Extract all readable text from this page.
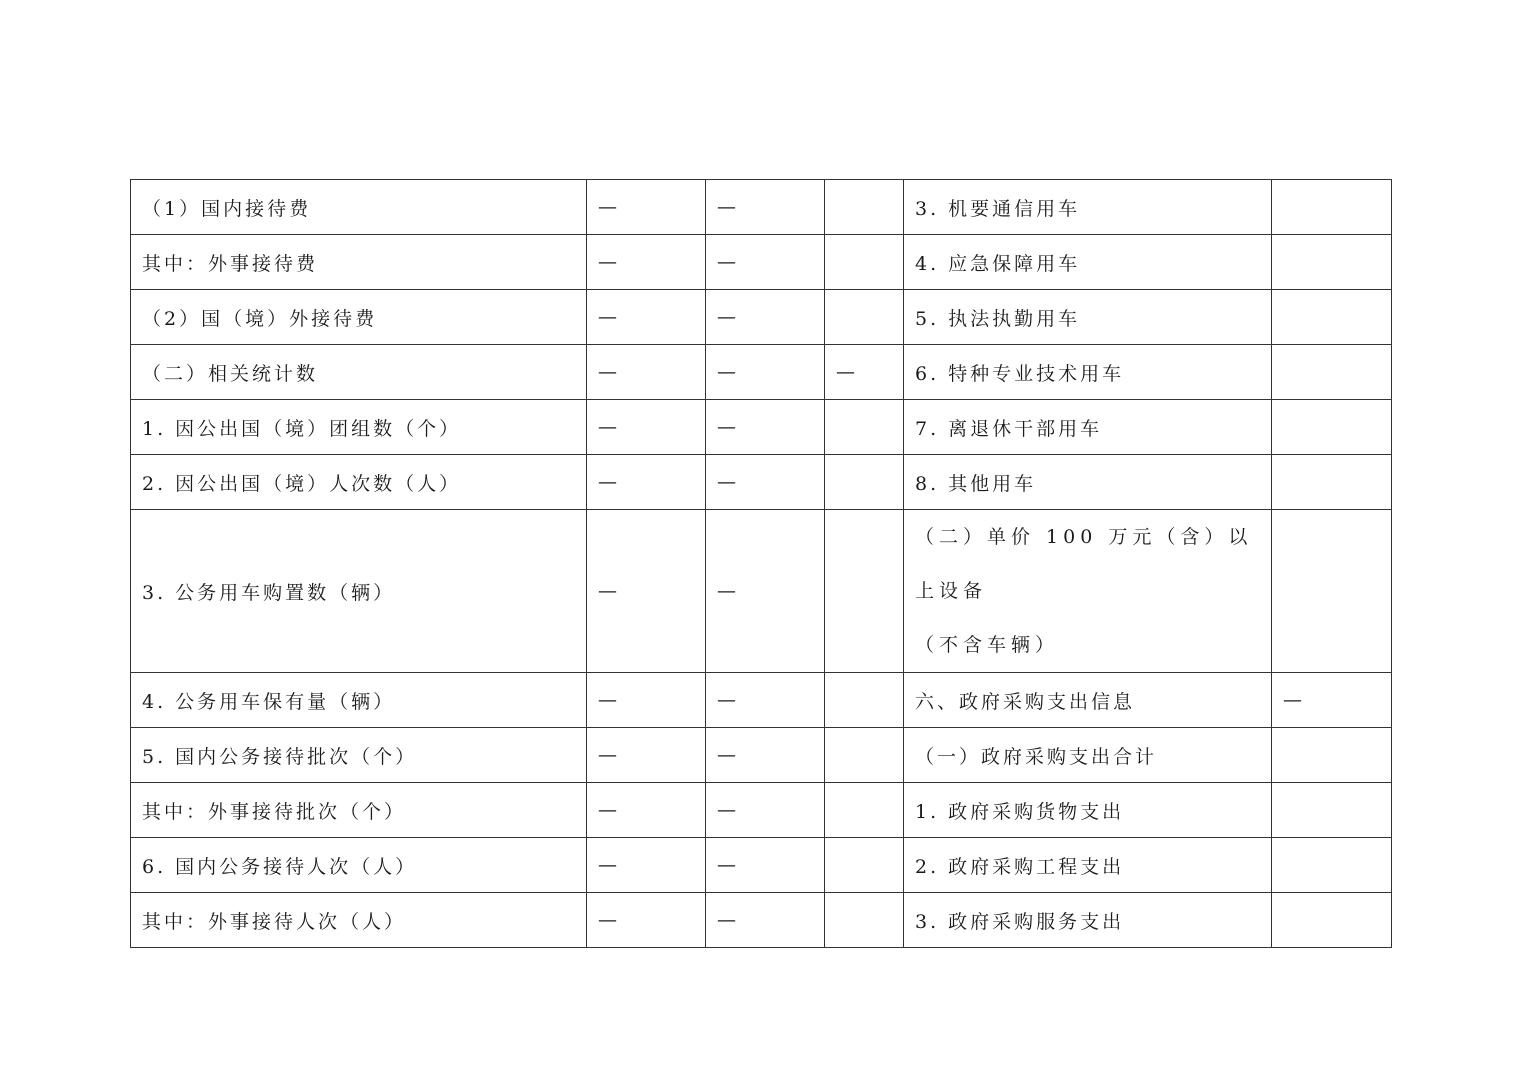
（1）国内接待费	—	—		3. 机要通信用车	
其中：外事接待费	—	—		4. 应急保障用车	
（2）国（境）外接待费	—	—		5. 执法执勤用车	
（二）相关统计数	—	—	—	6. 特种专业技术用车	
1. 因公出国（境）团组数（个）	—	—		7. 离退休干部用车	
2. 因公出国（境）人次数（人）	—	—		8. 其他用车	
3. 公务用车购置数（辆）	—	—		（二）单价 100 万元（含）以上设备
（不含车辆）	

4. 公务用车保有量（辆）	—	—		六、政府采购支出信息	—
5. 国内公务接待批次（个）	—	—		（一）政府采购支出合计	
其中：外事接待批次（个）	—	—		1. 政府采购货物支出	
6. 国内公务接待人次（人）	—	—		2. 政府采购工程支出	
其中：外事接待人次（人）	—	—		3. 政府采购服务支出	
